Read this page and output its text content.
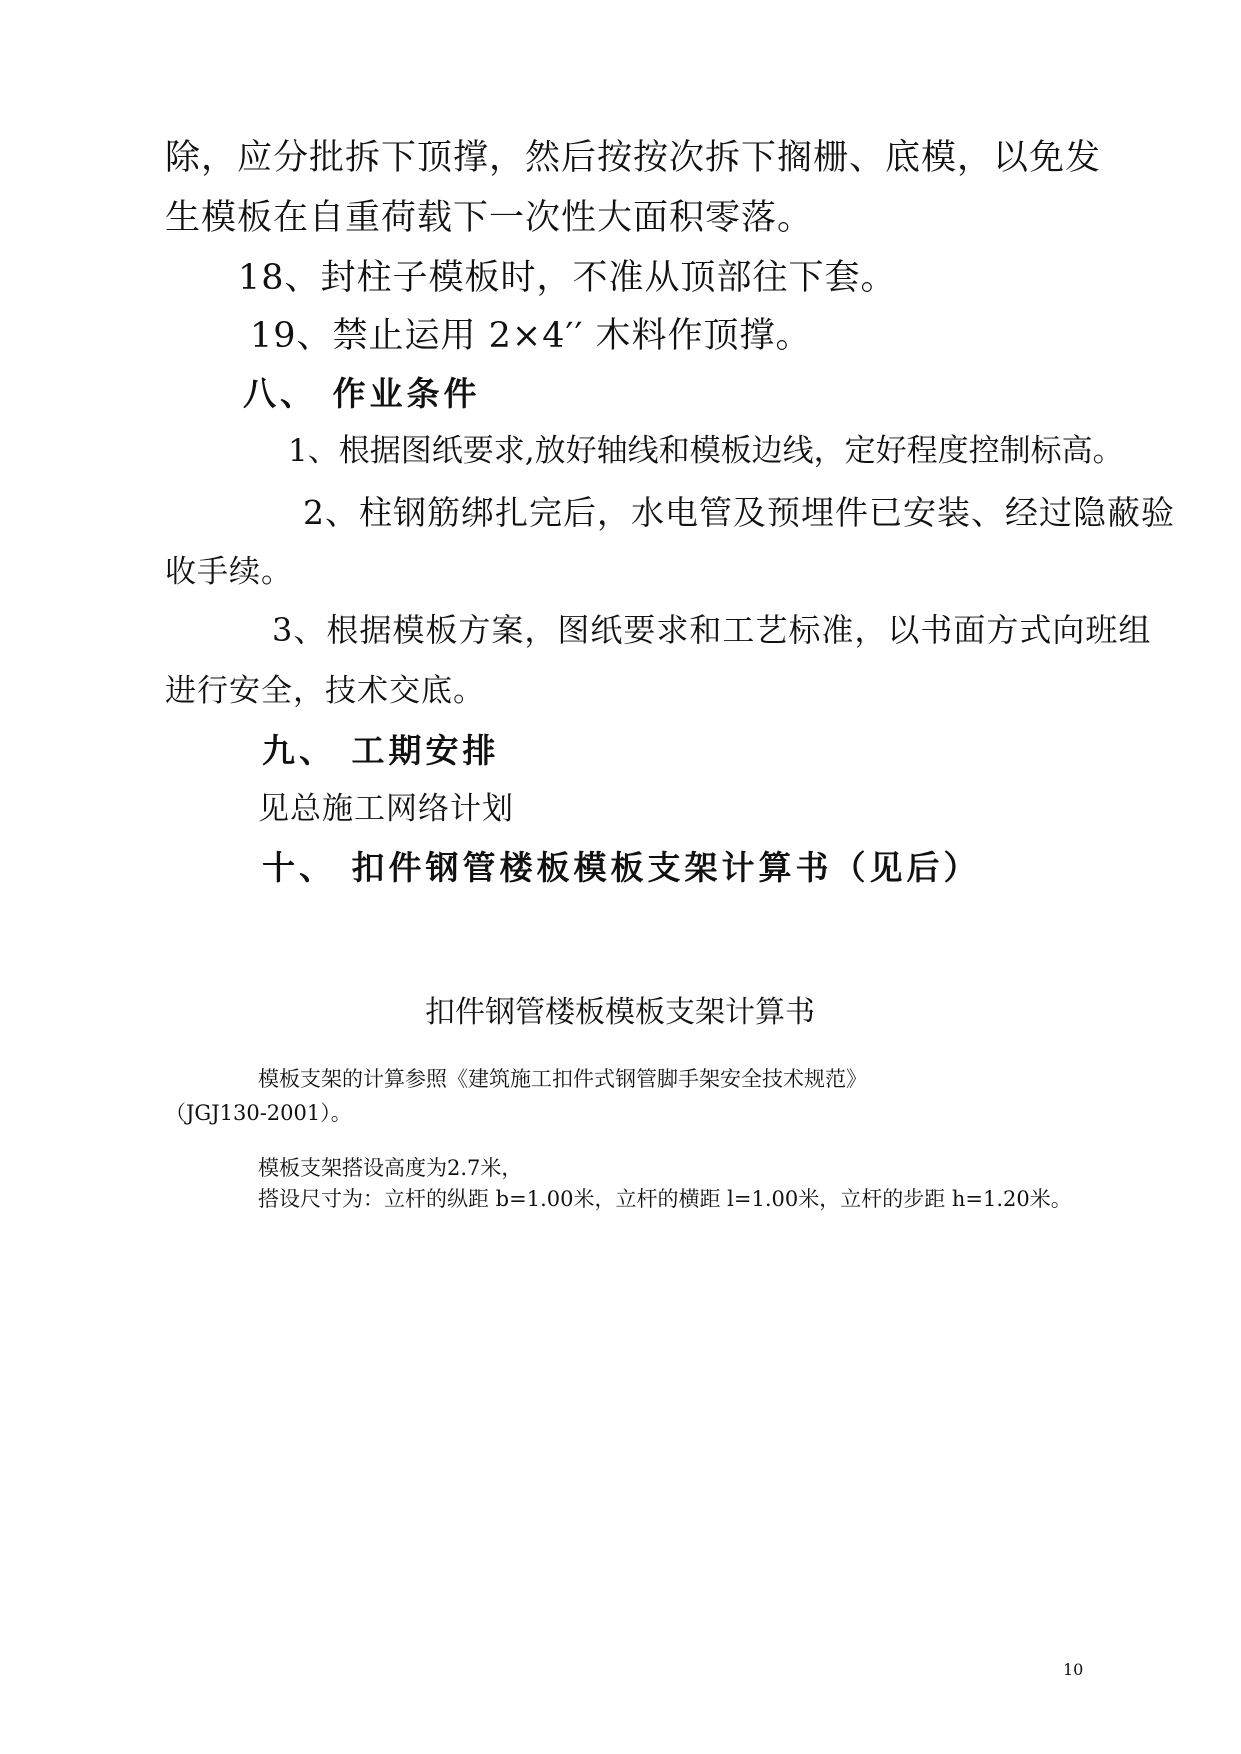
除，应分批拆下顶撑，然后按按次拆下搁栅、底模，以免发
生模板在自重荷载下一次性大面积零落。
18、封柱子模板时，不准从顶部往下套。
19、禁止运用 2×4′′ 木料作顶撑。
八、 作业条件
1、根据图纸要求,放好轴线和模板边线，定好程度控制标高。
2、柱钢筋绑扎完后，水电管及预埋件已安装、经过隐蔽验
收手续。
3、根据模板方案，图纸要求和工艺标准，以书面方式向班组
进行安全，技术交底。
九、 工期安排
见总施工网络计划
十、 扣件钢管楼板模板支架计算书（见后）
扣件钢管楼板模板支架计算书
模板支架的计算参照《建筑施工扣件式钢管脚手架安全技术规范》
（JGJ130-2001）。
模板支架搭设高度为2.7米，
搭设尺寸为：立杆的纵距 b=1.00米，立杆的横距 l=1.00米，立杆的步距 h=1.20米。
10
